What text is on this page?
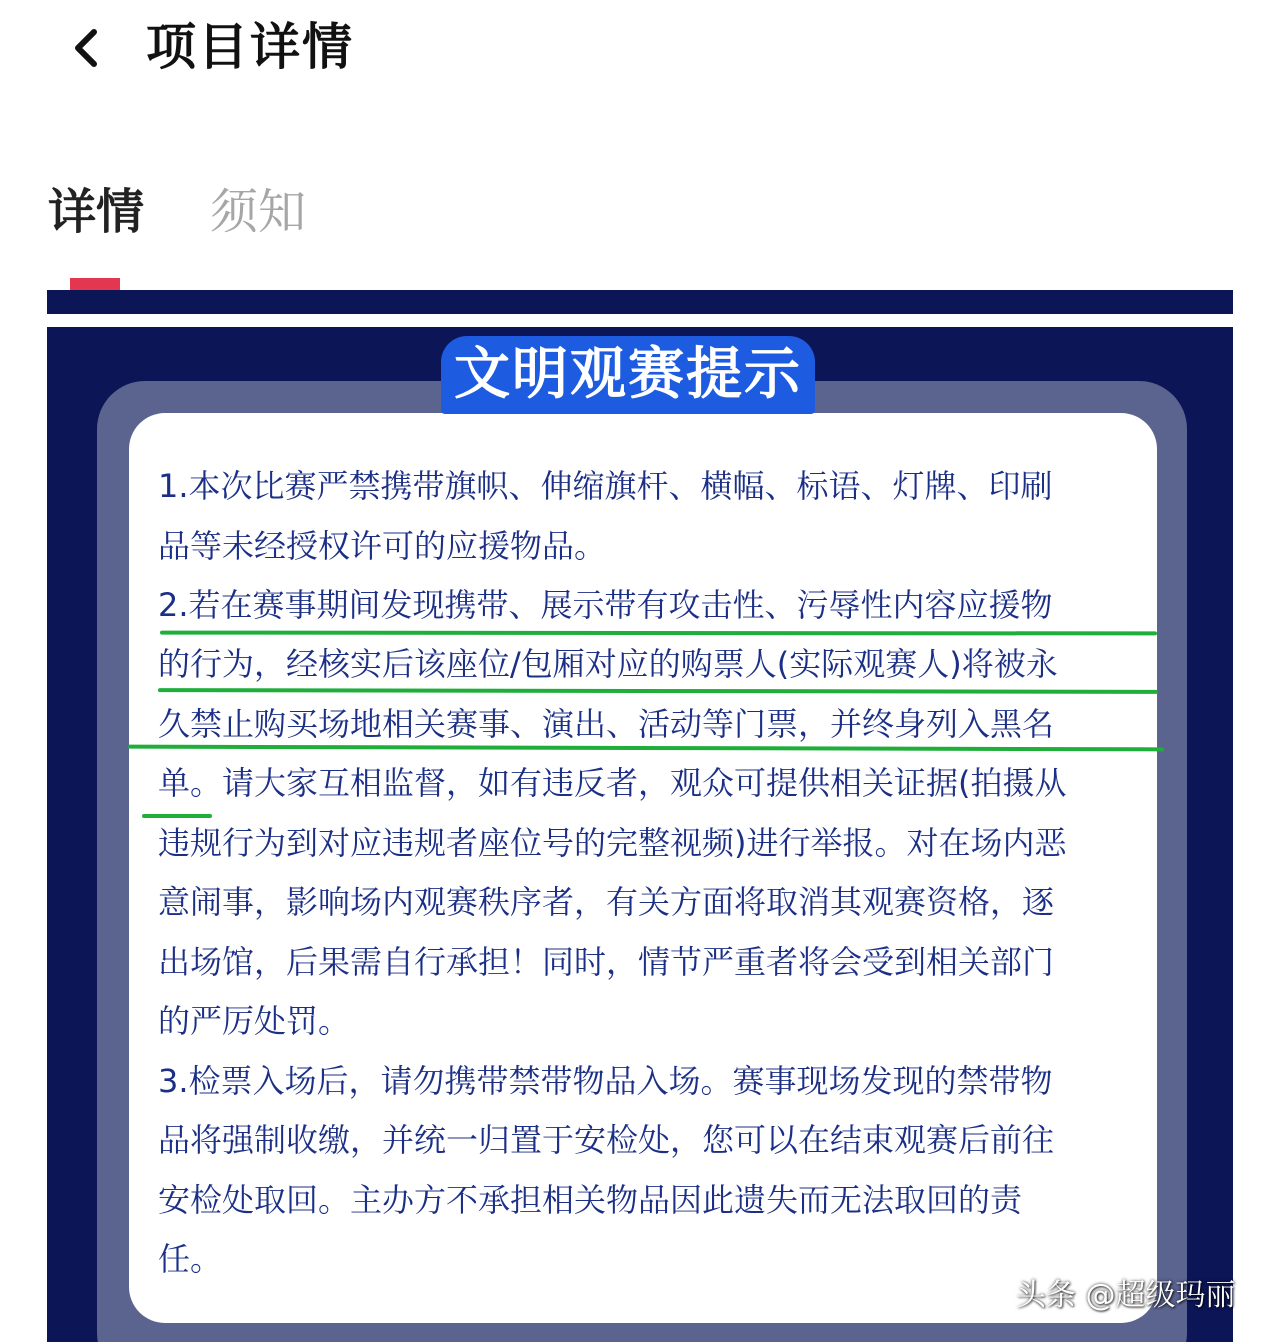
项目详情
详情 须知
文明观赛提示
1.本次比赛严禁携带旗帜、伸缩旗杆、横幅、标语、灯牌、印刷
品等未经授权许可的应援物品。
2.若在赛事期间发现携带、展示带有攻击性、污辱性内容应援物
的行为，经核实后该座位/包厢对应的购票人(实际观赛人)将被永
久禁止购买场地相关赛事、演出、活动等门票，并终身列入黑名
单。请大家互相监督，如有违反者，观众可提供相关证据(拍摄从
违规行为到对应违规者座位号的完整视频)进行举报。对在场内恶
意闹事，影响场内观赛秩序者，有关方面将取消其观赛资格，逐
出场馆，后果需自行承担！同时，情节严重者将会受到相关部门
的严厉处罚。
3.检票入场后，请勿携带禁带物品入场。赛事现场发现的禁带物
品将强制收缴，并统一归置于安检处，您可以在结束观赛后前往
安检处取回。主办方不承担相关物品因此遗失而无法取回的责
任。
头条 @超级玛丽
